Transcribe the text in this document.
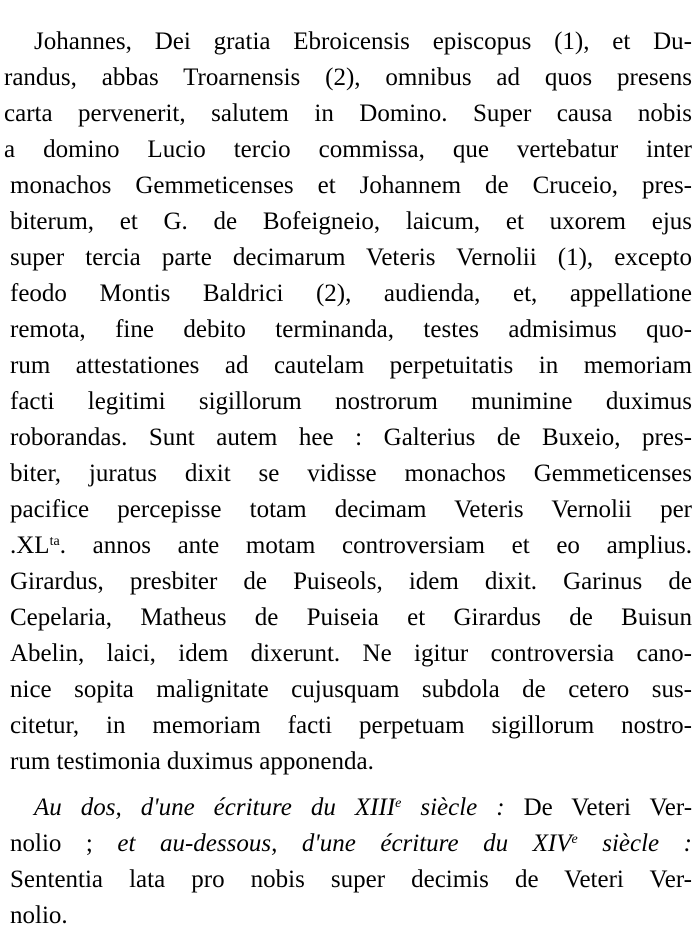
Johannes, Dei gratia Ebroicensis episcopus (1), et Du-
randus, abbas Troarnensis (2), omnibus ad quos presens
carta pervenerit, salutem in Domino. Super causa nobis
a domino Lucio tercio commissa, que vertebatur inter
monachos Gemmeticenses et Johannem de Cruceio, pres-
biterum, et G. de Bofeigneio, laicum, et uxorem ejus
super tercia parte decimarum Veteris Vernolii (1), excepto
feodo Montis Baldrici (2), audienda, et, appellatione
remota, fine debito terminanda, testes admisimus quo-
rum attestationes ad cautelam perpetuitatis in memoriam
facti legitimi sigillorum nostrorum munimine duximus
roborandas. Sunt autem hee : Galterius de Buxeio, pres-
biter, juratus dixit se vidisse monachos Gemmeticenses
pacifice percepisse totam decimam Veteris Vernolii per
$.XL^{ta}$. annos ante motam controversiam et eo amplius.
Girardus, presbiter de Puiseols, idem dixit. Garinus de
Cepelaria, Matheus de Puiseia et Girardus de Buisun
Abelin, laici, idem dixerunt. Ne igitur controversia cano-
nice sopita malignitate cujusquam subdola de cetero sus-
citetur, in memoriam facti perpetuam sigillorum nostro-
rum testimonia duximus apponenda.
Au dos, d'une écriture du XIIIe siècle : De Veteri Ver-
nolio ; et au-dessous, d'une écriture du XIVe siècle :
Sententia lata pro nobis super decimis de Veteri Ver-
nolio.
